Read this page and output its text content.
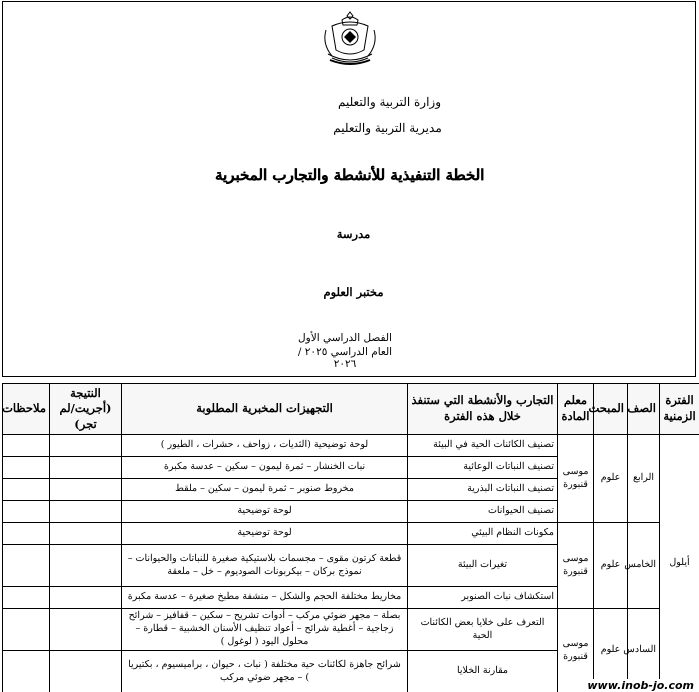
وزارة التربية والتعليم
مديرية التربية والتعليم
الخطة التنفيذية للأنشطة والتجارب المخبرية
مدرسة
مختبر العلوم
الفصل الدراسي الأول
العام الدراسي ٢٠٢٥ / ٢٠٢٦
الفترة الزمنية	الصف	المبحث	معلم المادة	التجارب والأنشطة التي ستنفذ خلال هذه الفترة	التجهيزات المخبرية المطلوبة	النتيجة (أجريت/لم تجر)	ملاحظات
أيلول	الرابع	علوم	موسى قنبورة	تصنيف الكائنات الحية في البيئة	لوحة توضيحية (الثديات ، زواحف ، حشرات ، الطيور )		
				تصنيف النباتات الوعائية	نبات الخنشار – ثمرة ليمون – سكين – عدسة مكبرة		
				تصنيف النباتات البذرية	مخروط صنوبر – ثمرة ليمون – سكين – ملقط		
				تصنيف الحيوانات	لوحة توضيحية		
	الخامس	علوم	موسى قنبورة	مكونات النظام البيئي	لوحة توضيحية		
				تغيرات البيئة	قطعة كرتون مقوى – مجسمات بلاستيكية صغيرة للنباتات والحيوانات – نموذج بركان – بيكربونات الصوديوم – خل – ملعقة		
				استكشاف نبات الصنوبر	مخاريط مختلفة الحجم والشكل – منشفة مطبخ صغيرة – عدسة مكبرة		
	السادس	علوم	موسى قنبورة	التعرف على خلايا بعض الكائنات الحية	بصلة – مجهر ضوئي مركب – أدوات تشريح – سكين – قفافيز – شرائح زجاجية – أغطية شرائح – أعواد تنظيف الأسنان الخشبية – قطارة – محلول اليود ( لوغول )		
				مقارنة الخلايا	شرائح جاهزة لكائنات حية مختلفة ( نبات ، حيوان ، براميسيوم ، بكتيريا ) – مجهر ضوئي مركب		
www.inob-jo.com
